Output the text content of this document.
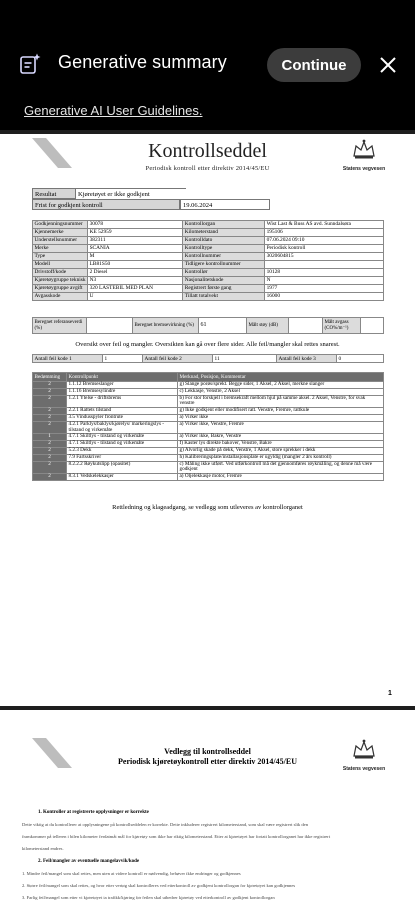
Generative summary	Continue
Generative AI User Guidelines.
Kontrollseddel
Periodisk kontroll etter direktiv 2014/45/EU	Statens vegvesen
Resultat	Kjøretøyet er ikke godkjent
Frist for godkjent kontroll	19.06.2024
Godkjenningsnummer	30078	Kontrollorgan	Wist Last & Buss AS avd. Sunndalsøra
Kjennemerke	KE 52959	Kilometerstand	195106
Understellsnummer	382311	Kontrolldato	07.06.2024 09:10
Merke	SCANIA	Kontrolltype	Periodisk kontroll
Type	M	Kontrollnummer	3020604815
Modell	LB81S50	Tidligere kontrollnummer	
Drivstoff/kode	2 Diesel	Kontrollør	10128
Kjøretøygruppe teknisk	N3	Nasjonalitetskode	N
Kjøretøygruppe avgift	320 LASTEBIL MED PLAN	Registrert første gang	1977
Avgasskode	U	Tillatt totalvekt	16000
Beregnet referanseverdi (%)		Beregnet bremsevirkning (%)	61	Målt støy (dB)		Målt avgass (CO%/m⁻¹)	
Oversikt over feil og mangler. Oversikten kan gå over flere sider. Alle feil/mangler skal rettes snarest.
Antall feil kode 1	1	Antall feil kode 2	11	Antall feil kode 3	0
Bedømming	Kontrollpunkt	Merknad, Posisjon, Kommentar
2	1.1.12 Bremseslanger	g) Slange porøs/sprekt. Begge sider, 1 Aksel, 2 Aksel, merkne slanger
2	1.1.16 Bremsesylindre	c) Lekkasje, Venstre, 2 Aksel
2	1.2.1 Ytelse - driftsbrems	b) For stor forskjell i bremsekraft mellom hjul på samme aksel. 2 Aksel, Venstre, for svak venstre
2	2.2.1 Rattets tilstand	g) Ikke godkjent eller modifisert ratt. Venstre, Fremre, rattkule
2	3.5 Vindusspyler frontrute	a) Virker ikke
2	4.2.1 Parklys/baklys/kjørelys/ markeringslys - tilstand og virkemåte	a) Virker ikke, Venstre, Fremre
1	4.7.1 Skiltlys - tilstand og virkemåte	a) Virker ikke, Bakre, Venstre
2	4.7.1 Skiltlys - tilstand og virkemåte	f) Kaster lys direkte bakover, Venstre, Bakre
2	5.2.3 Dekk	g) Alvorlig skade på dekk, Venstre, 1 Aksel, store sprekker i dekk
2	7.9 Fartsskriver	h) Kalibreringsplate/installasjonsplate er ugyldig (mangler 2 års kontroll)
2	8.2.2.2 Røykutslipp (opasitet)	c) Måling ikke utført. Ved utførkontroll må det gjennomføres røykmåling, og denne må være godkjent
2	8.3.1 Vedskelekkasjer	a) Oljelekkasje motor, Fremre
Rettledning og klageadgang, se vedlegg som utleveres av kontrollorganet
1
Statens vegvesen
Vedlegg til kontrollseddel
Periodisk kjøretøykontroll etter direktiv 2014/45/EU
1. Kontroller at registrerte opplysninger er korrekte
Dette viktig at du kontrollerer at opplysningene på kontrollseddelen er korrekte. Dette inkluderer registrert kilometerstand, som skal være registrert slik den
framkommer på telleren i bilen kilometer ferdatmåt mål for kjøretøy som ikke har riktig kilometerstand. Etter at kjøretøyet har fortatt kontrollorganet har ikke registrert
kilometerstand endres.
2. Feil/mangler av eventuelle mangelavvik/kode
1. Mindre feil/mangel som skal rettes, men uten at videre kontroll er nødvendig, behøver ikke endringer og godkjennes
2. Større feil/mangel som skal rettes, og hvor etter vertøg skal kontrolleres ved etterkontroll av godkjent kontrollorgan for kjøretøyet kan godkjennes
3. Farlig feil/mangel som etter vi kjøretøyet ia trafikk/kjøring før feilen skal utbedrer kjøretøy ved etterkontroll av godkjent kontrollorgan
